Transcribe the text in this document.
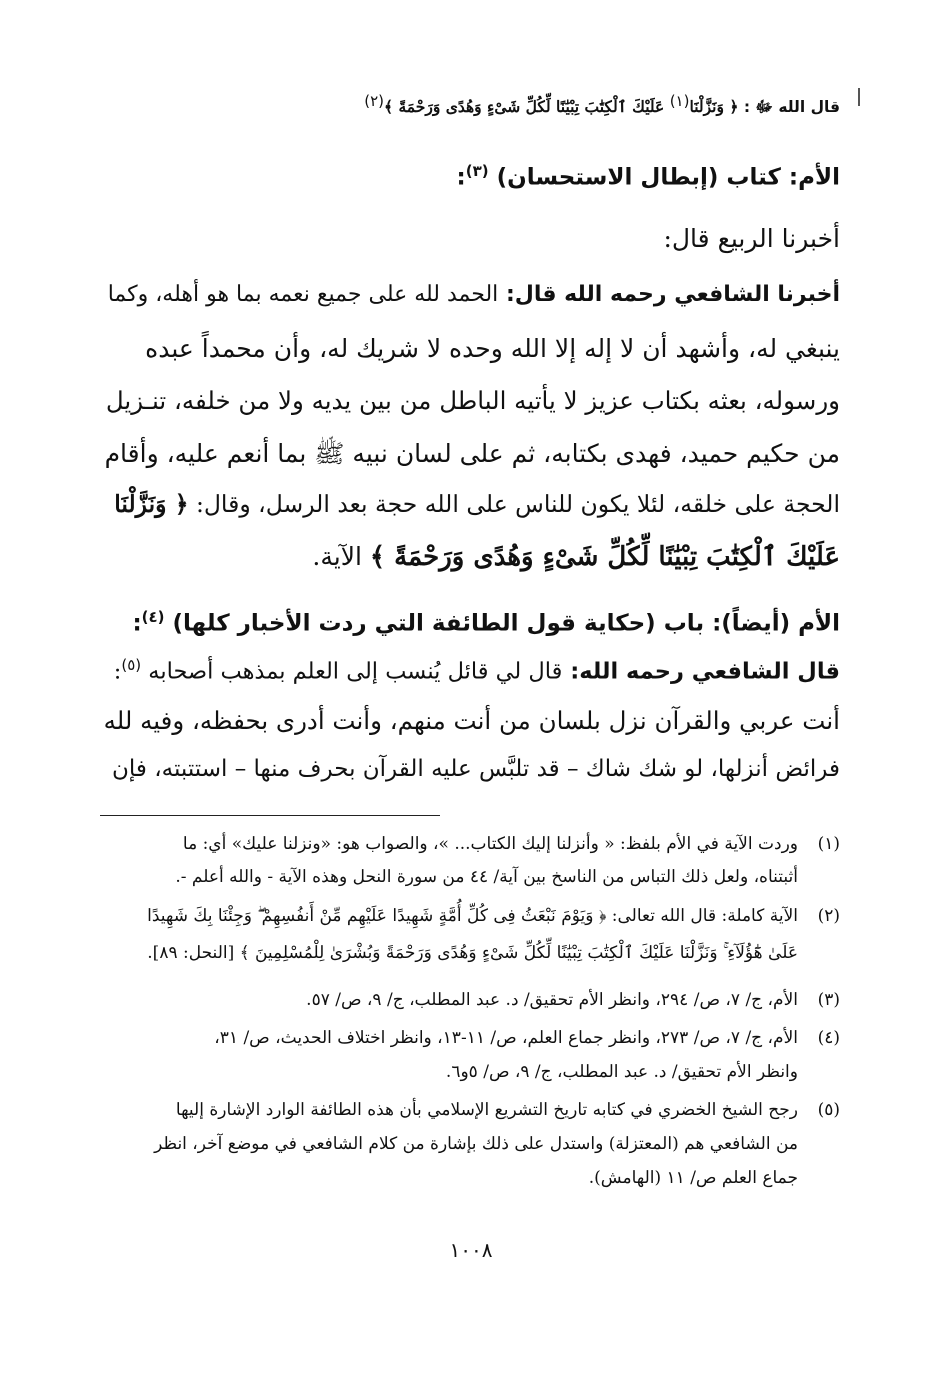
قال الله ﷻ : ﴿ وَنَزَّلْنَا(١) عَلَيْكَ ٱلْكِتَٰبَ تِبْيَٰنًا لِّكُلِّ شَىْءٍ وَهُدًى وَرَحْمَةً ﴾(٢)
الأم: كتاب (إبطال الاستحسان) $^{(٣)}$:
أخبرنا الربيع قال:
أخبرنا الشافعي رحمه الله قال: الحمد لله على جميع نعمه بما هو أهله، وكما
ينبغي له، وأشهد أن لا إله إلا الله وحده لا شريك له، وأن محمداً عبده
ورسوله، بعثه بكتاب عزيز لا يأتيه الباطل من بين يديه ولا من خلفه، تنـزيل
من حكيم حميد، فهدى بكتابه، ثم على لسان نبيه ﷺ بما أنعم عليه، وأقام
الحجة على خلقه، لئلا يكون للناس على الله حجة بعد الرسل، وقال: ﴿ وَنَزَّلْنَا
عَلَيْكَ ٱلْكِتَٰبَ تِبْيَٰنًا لِّكُلِّ شَىْءٍ وَهُدًى وَرَحْمَةً ﴾ الآية.
الأم (أيضاً): باب (حكاية قول الطائفة التي ردت الأخبار كلها) $^{(٤)}$:
قال الشافعي رحمه الله: قال لي قائل يُنسب إلى العلم بمذهب أصحابه $^{(٥)}$:
أنت عربي والقرآن نزل بلسان من أنت منهم، وأنت أدرى بحفظه، وفيه لله
فرائض أنزلها، لو شك شاك – قد تلبَّس عليه القرآن بحرف منها – استتبته، فإن
(١)
وردت الآية في الأم بلفظ: « وأنزلنا إليك الكتاب... »، والصواب هو: «ونزلنا عليك» أي: ما
أثبتناه، ولعل ذلك التباس من الناسخ بين آية/ ٤٤ من سورة النحل وهذه الآية - والله أعلم -.
(٢)
الآية كاملة: قال الله تعالى: ﴿ وَيَوْمَ نَبْعَثُ فِى كُلِّ أُمَّةٍ شَهِيدًا عَلَيْهِم مِّنْ أَنفُسِهِمْ ۖ وَجِئْنَا بِكَ شَهِيدًا
عَلَىٰ هَٰٓؤُلَآءِ ۚ وَنَزَّلْنَا عَلَيْكَ ٱلْكِتَٰبَ تِبْيَٰنًا لِّكُلِّ شَىْءٍ وَهُدًى وَرَحْمَةً وَبُشْرَىٰ لِلْمُسْلِمِينَ ﴾ [النحل: ٨٩].
(٣)
الأم، ج/ ٧، ص/ ٢٩٤، وانظر الأم تحقيق/ د. عبد المطلب، ج/ ٩، ص/ ٥٧.
(٤)
الأم، ج/ ٧، ص/ ٢٧٣، وانظر جماع العلم، ص/ ١١-١٣، وانظر اختلاف الحديث، ص/ ٣١،
وانظر الأم تحقيق/ د. عبد المطلب، ج/ ٩، ص/ ٥و٦.
(٥)
رجح الشيخ الخضري في كتابه تاريخ التشريع الإسلامي بأن هذه الطائفة الوارد الإشارة إليها
من الشافعي هم (المعتزلة) واستدل على ذلك بإشارة من كلام الشافعي في موضع آخر، انظر
جماع العلم ص/ ١١ (الهامش).
١٠٠٨
